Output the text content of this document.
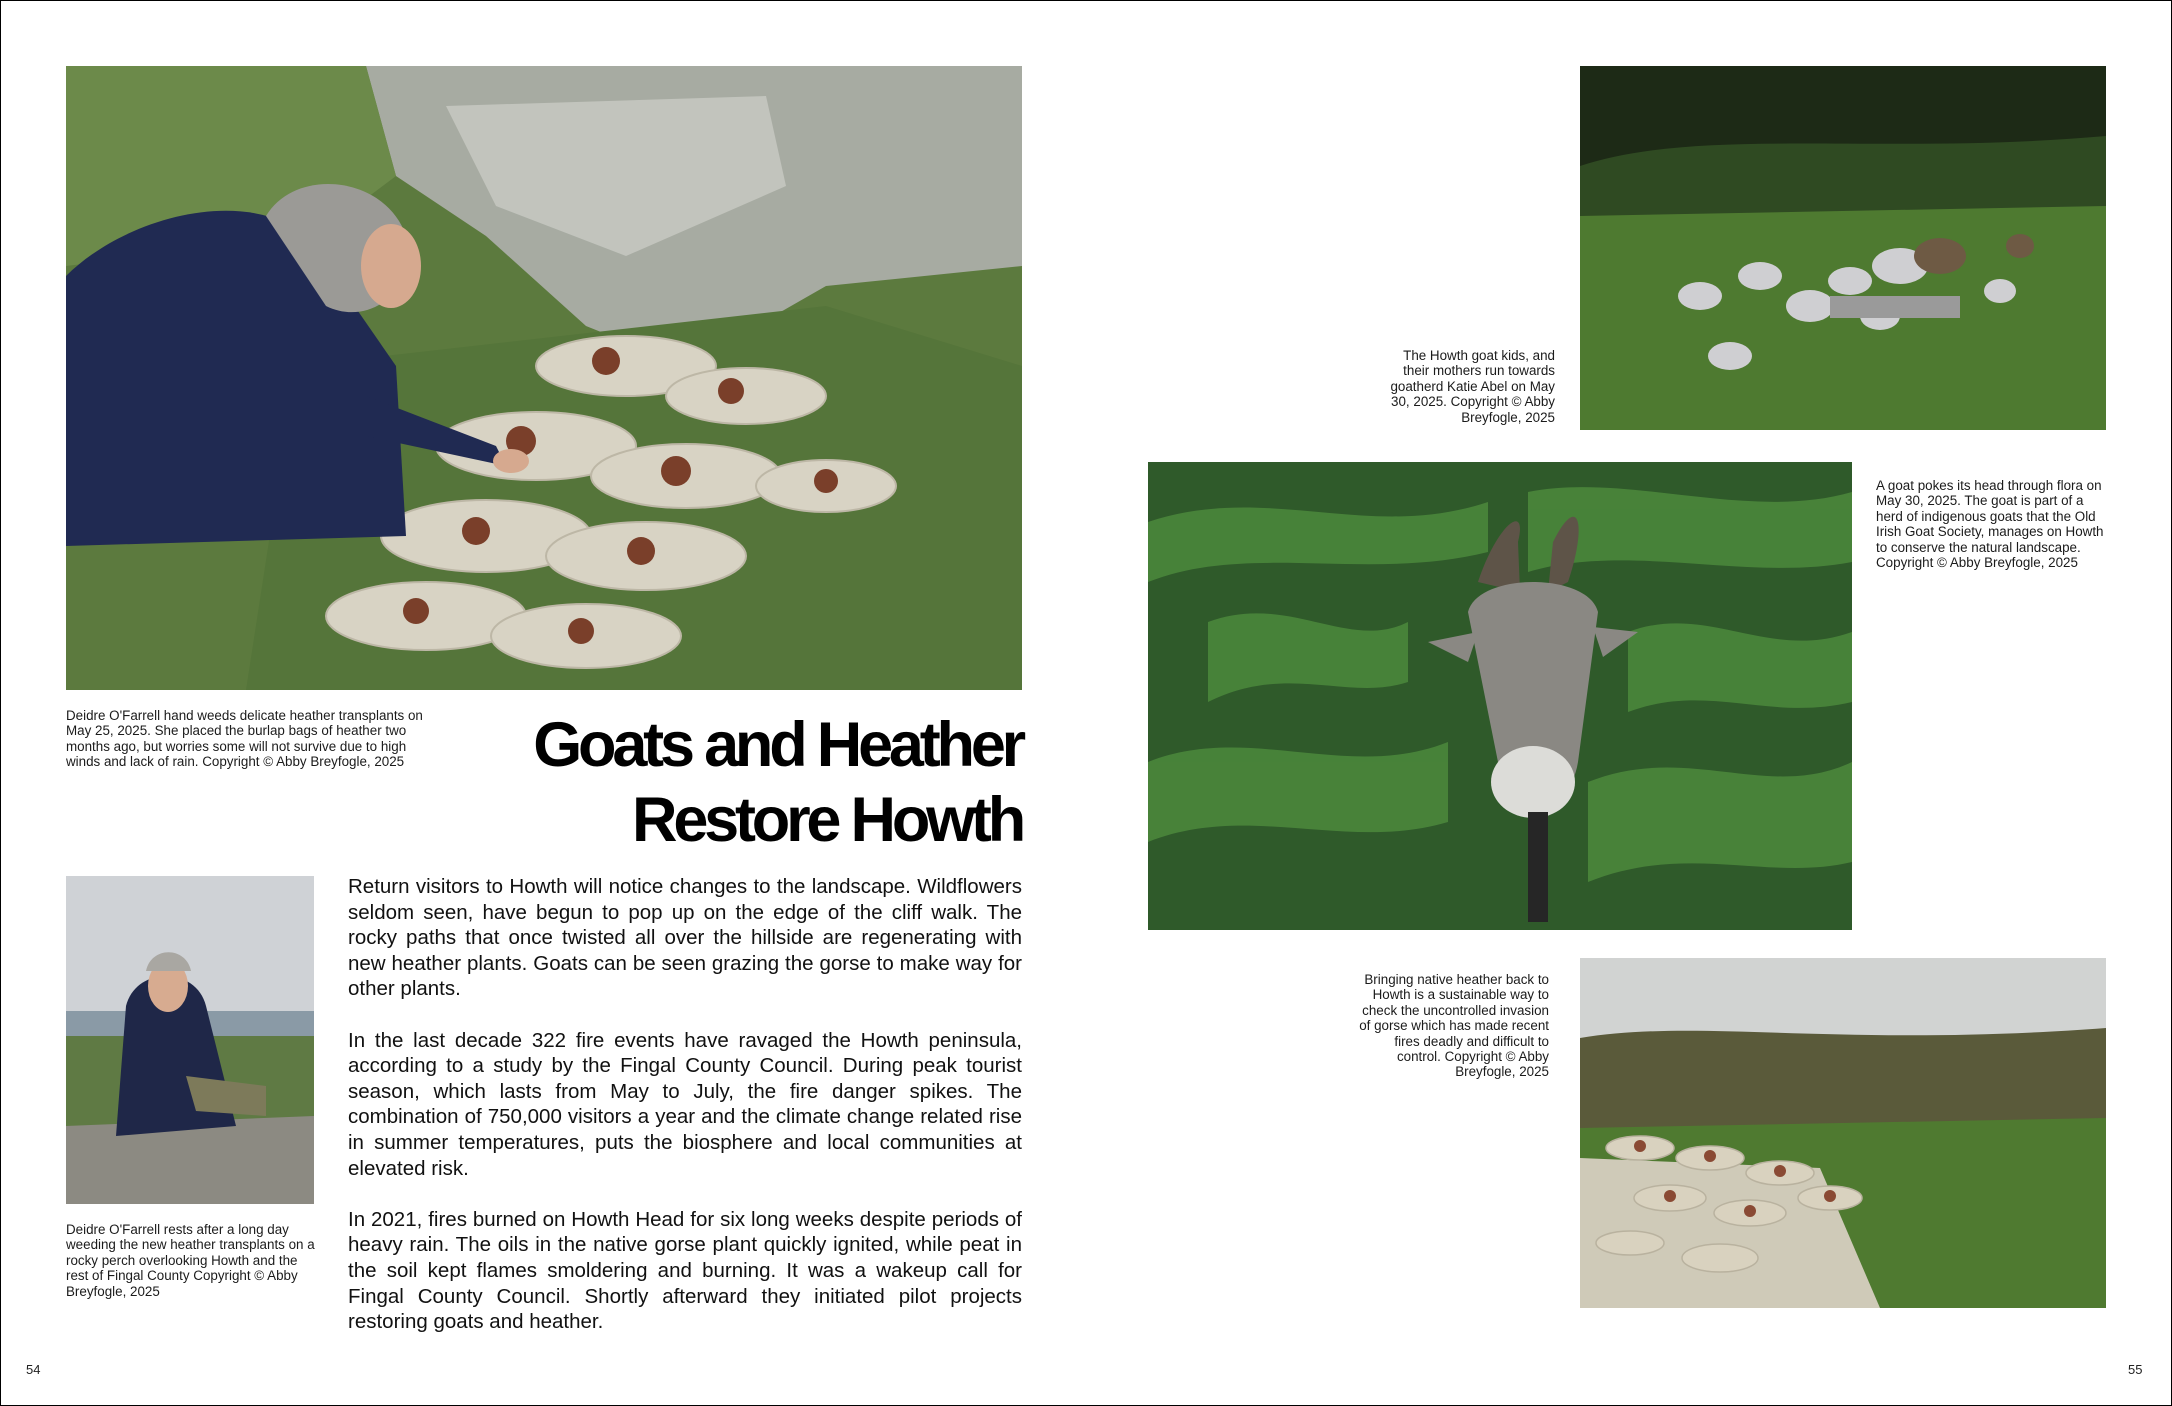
Deidre O'Farrell hand weeds delicate heather transplants on May 25, 2025. She placed the burlap bags of heather two months ago, but worries some will not survive due to high winds and lack of rain. Copyright © Abby Breyfogle, 2025	Goats and Heather
Restore Howth
Deidre O'Farrell rests after a long day weeding the new heather transplants on a rocky perch overlooking Howth and the rest of Fingal County Copyright © Abby Breyfogle, 2025

Return visitors to Howth will notice changes to the landscape. Wildflowers seldom seen, have begun to pop up on the edge of the cliff walk. The rocky paths that once twisted all over the hillside are regenerating with new heather plants. Goats can be seen grazing the gorse to make way for other plants.

In the last decade 322 fire events have ravaged the Howth peninsula, according to a study by the Fingal County Council. During peak tourist season, which lasts from May to July, the fire danger spikes. The combination of 750,000 visitors a year and the climate change related rise in summer temperatures, puts the biosphere and local communities at elevated risk.

In 2021, fires burned on Howth Head for six long weeks despite periods of heavy rain. The oils in the native gorse plant quickly ignited, while peat in the soil kept flames smoldering and burning. It was a wakeup call for Fingal County Council. Shortly afterward they initiated pilot projects restoring goats and heather.

The Howth goat kids, and their mothers run towards goatherd Katie Abel on May 30, 2025. Copyright © Abby Breyfogle, 2025
A goat pokes its head through flora on May 30, 2025. The goat is part of a herd of indigenous goats that the Old Irish Goat Society, manages on Howth to conserve the natural landscape. Copyright © Abby Breyfogle, 2025
Bringing native heather back to Howth is a sustainable way to check the uncontrolled invasion of gorse which has made recent fires deadly and difficult to control. Copyright © Abby Breyfogle, 2025
54	55
